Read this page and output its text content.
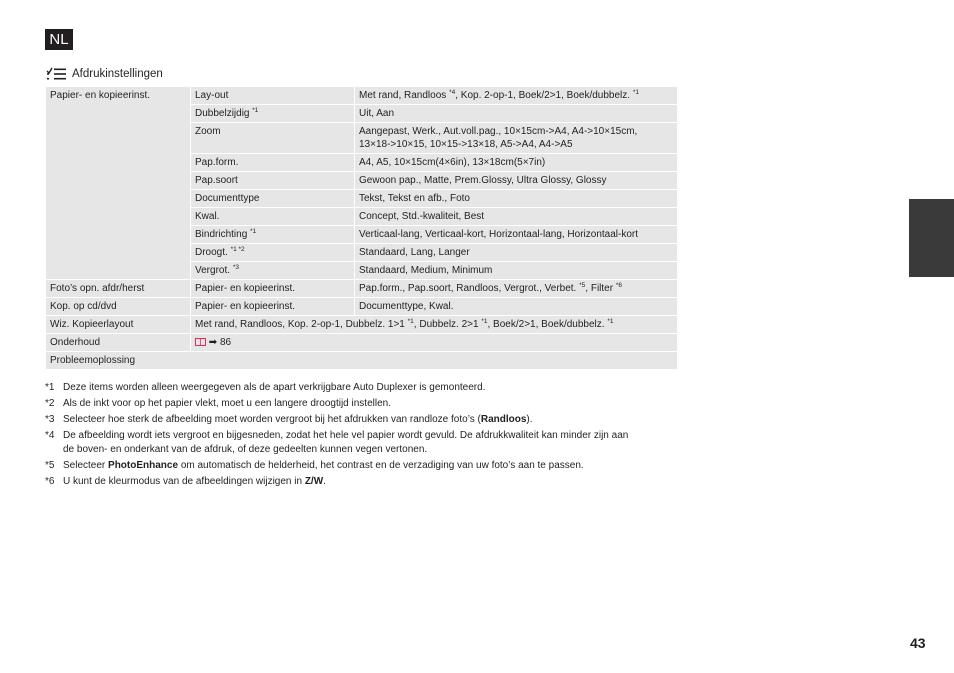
NL
Afdrukinstellingen
Papier- en kopieerinst.	Lay-out	Met rand, Randloos $^{*4}$, Kop. 2-op-1, Boek/2>1, Boek/dubbelz. $^{*1}$
	Dubbelzijdig $^{*1}$	Uit, Aan
	Zoom	Aangepast, Werk., Aut.voll.pag., 10×15cm->A4, A4->10×15cm,
13×18->10×15, 10×15->13×18, A5->A4, A4->A5
	Pap.form.	A4, A5, 10×15cm(4×6in), 13×18cm(5×7in)
	Pap.soort	Gewoon pap., Matte, Prem.Glossy, Ultra Glossy, Glossy
	Documenttype	Tekst, Tekst en afb., Foto
	Kwal.	Concept, Std.-kwaliteit, Best
	Bindrichting $^{*1}$	Verticaal-lang, Verticaal-kort, Horizontaal-lang, Horizontaal-kort
	Droogt. $^{*1 *2}$	Standaard, Lang, Langer
	Vergrot. $^{*3}$	Standaard, Medium, Minimum
Foto’s opn. afdr/herst	Papier- en kopieerinst.	Pap.form., Pap.soort, Randloos, Vergrot., Verbet. $^{*5}$, Filter $^{*6}$
Kop. op cd/dvd	Papier- en kopieerinst.	Documenttype, Kwal.
Wiz. Kopieerlayout	Met rand, Randloos, Kop. 2-op-1, Dubbelz. 1>1 $^{*1}$, Dubbelz. 2>1 $^{*1}$, Boek/2>1, Boek/dubbelz. $^{*1}$
Onderhoud	➡ 86	
Probleemoplossing		
*1 Deze items worden alleen weergegeven als de apart verkrijgbare Auto Duplexer is gemonteerd.
*2 Als de inkt voor op het papier vlekt, moet u een langere droogtijd instellen.
*3 Selecteer hoe sterk de afbeelding moet worden vergroot bij het afdrukken van randloze foto’s (Randloos).
*4 De afbeelding wordt iets vergroot en bijgesneden, zodat het hele vel papier wordt gevuld. De afdrukkwaliteit kan minder zijn aan
de boven- en onderkant van de afdruk, of deze gedeelten kunnen vegen vertonen.
*5 Selecteer PhotoEnhance om automatisch de helderheid, het contrast en de verzadiging van uw foto’s aan te passen.
*6 U kunt de kleurmodus van de afbeeldingen wijzigen in Z/W.
43
